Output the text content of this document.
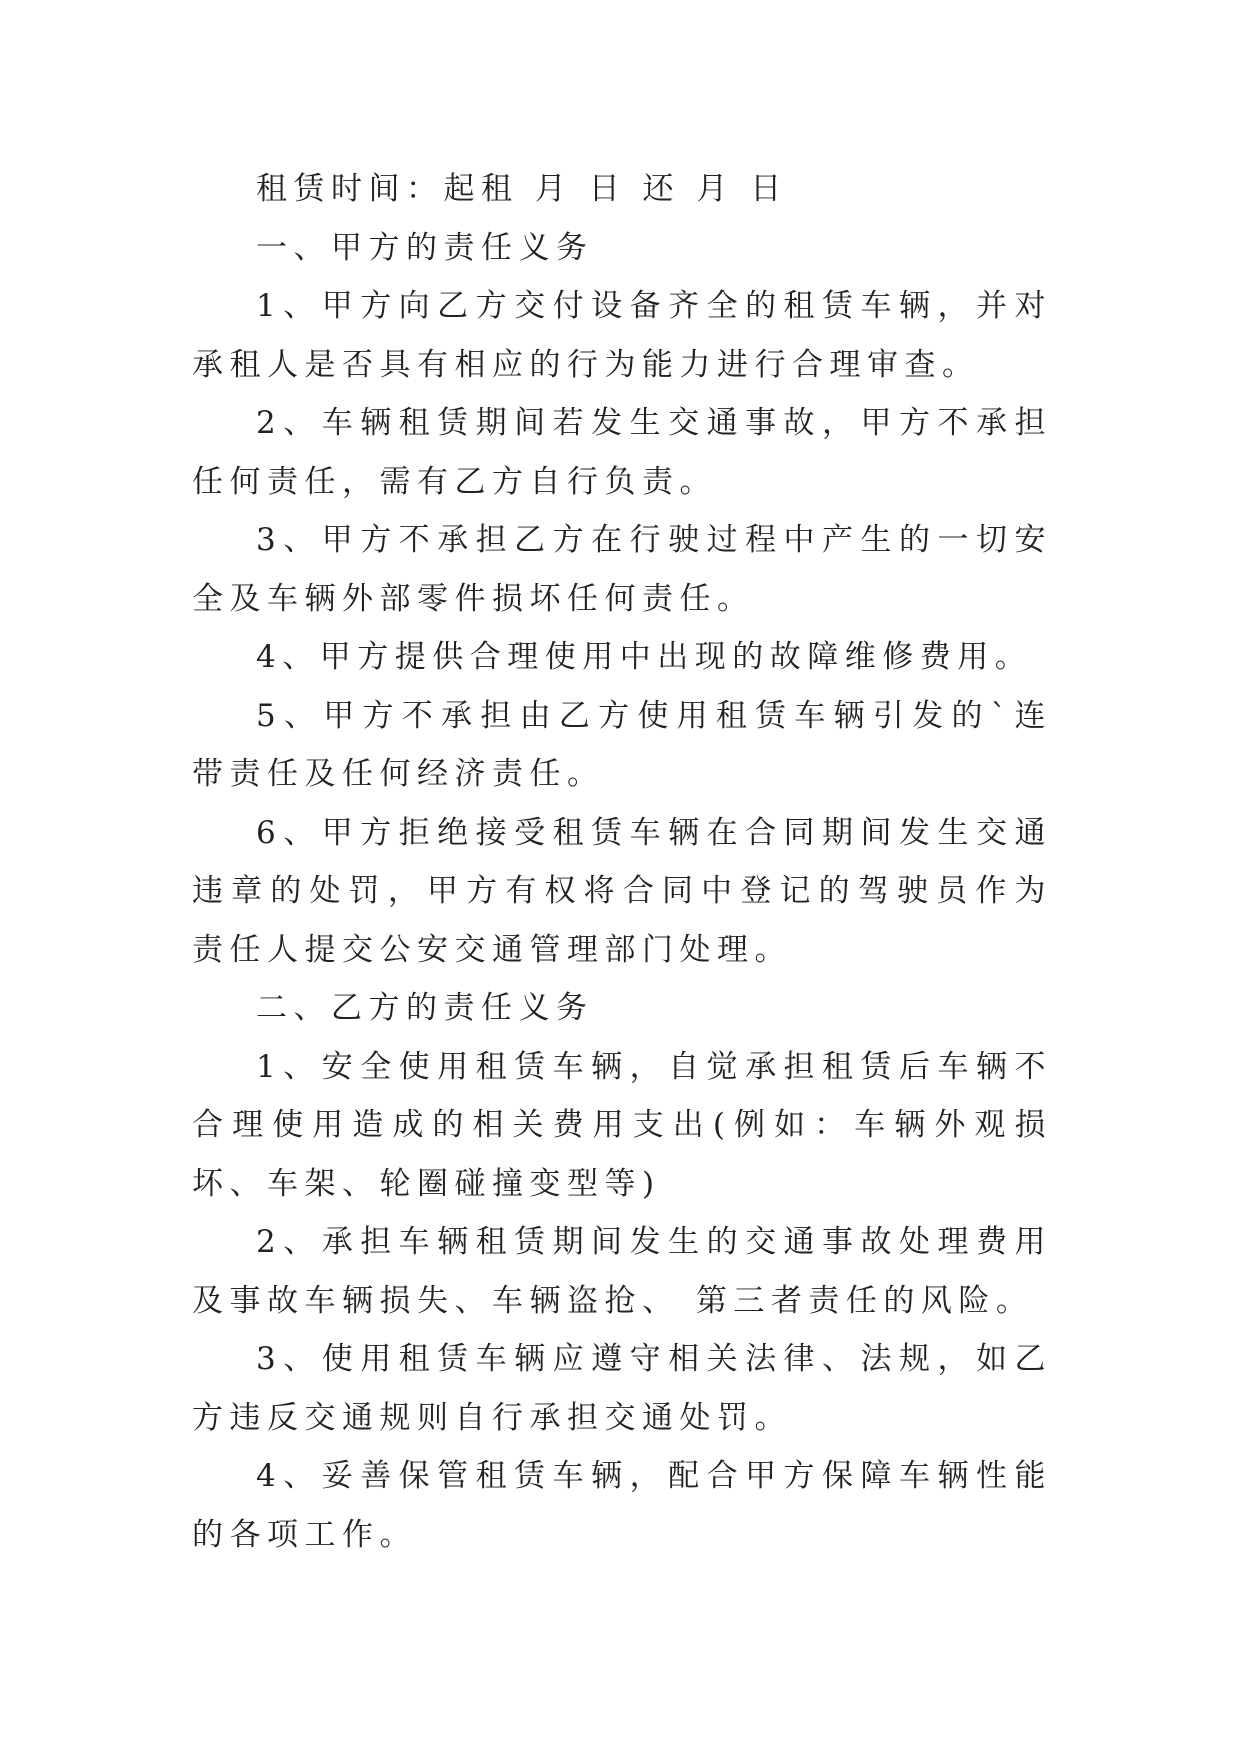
租赁时间：起租 月 日 还 月 日

一、甲方的责任义务

1、甲方向乙方交付设备齐全的租赁车辆，并对承租人是否具有相应的行为能力进行合理审查。

2、车辆租赁期间若发生交通事故，甲方不承担任何责任，需有乙方自行负责。

3、甲方不承担乙方在行驶过程中产生的一切安全及车辆外部零件损坏任何责任。

4、甲方提供合理使用中出现的故障维修费用。

5、甲方不承担由乙方使用租赁车辆引发的`连带责任及任何经济责任。

6、甲方拒绝接受租赁车辆在合同期间发生交通违章的处罚，甲方有权将合同中登记的驾驶员作为责任人提交公安交通管理部门处理。

二、乙方的责任义务

1、安全使用租赁车辆，自觉承担租赁后车辆不合理使用造成的相关费用支出(例如：车辆外观损坏、车架、轮圈碰撞变型等)

2、承担车辆租赁期间发生的交通事故处理费用及事故车辆损失、车辆盗抢、 第三者责任的风险。

3、使用租赁车辆应遵守相关法律、法规，如乙方违反交通规则自行承担交通处罚。

4、妥善保管租赁车辆，配合甲方保障车辆性能的各项工作。
